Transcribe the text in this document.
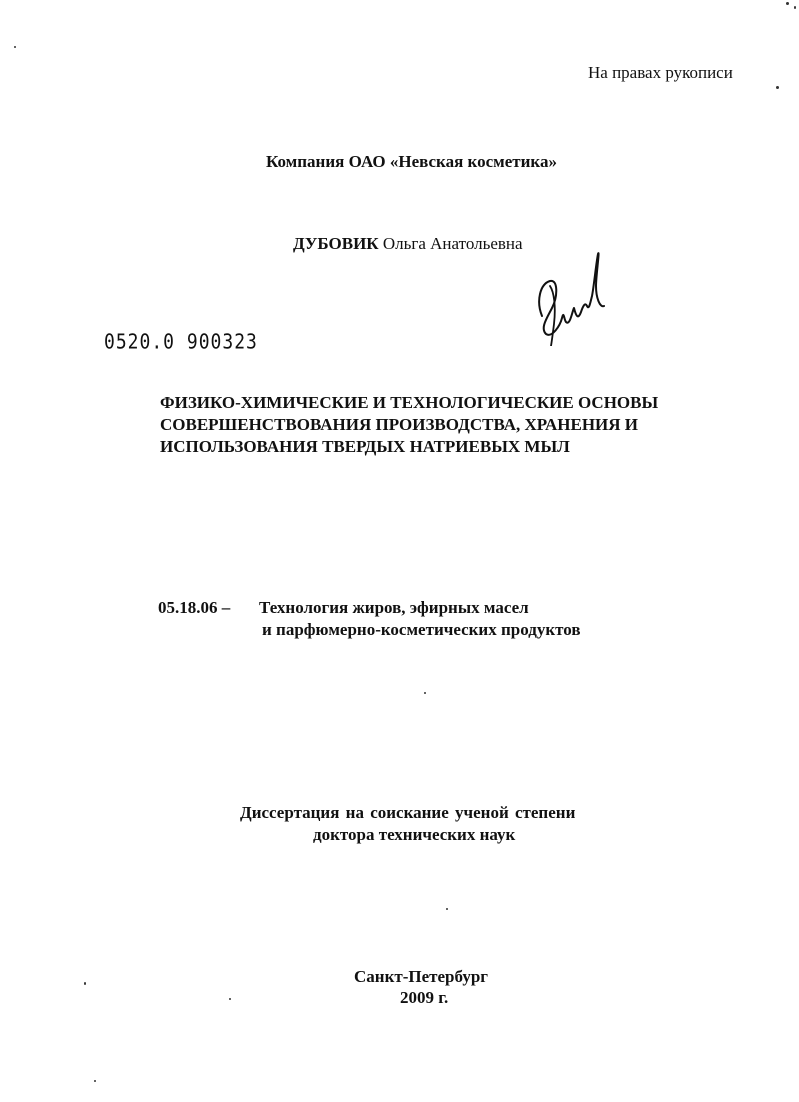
На правах рукописи
Компания ОАО «Невская косметика»
ДУБОВИК Ольга Анатольевна
0520.0 900323
ФИЗИКО-ХИМИЧЕСКИЕ И ТЕХНОЛОГИЧЕСКИЕ ОСНОВЫ
СОВЕРШЕНСТВОВАНИЯ ПРОИЗВОДСТВА, ХРАНЕНИЯ И
ИСПОЛЬЗОВАНИЯ ТВЕРДЫХ НАТРИЕВЫХ МЫЛ
05.18.06 – Технология жиров, эфирных масел
и парфюмерно-косметических продуктов
Диссертация на соискание ученой степени
доктора технических наук
Санкт-Петербург
2009 г.
